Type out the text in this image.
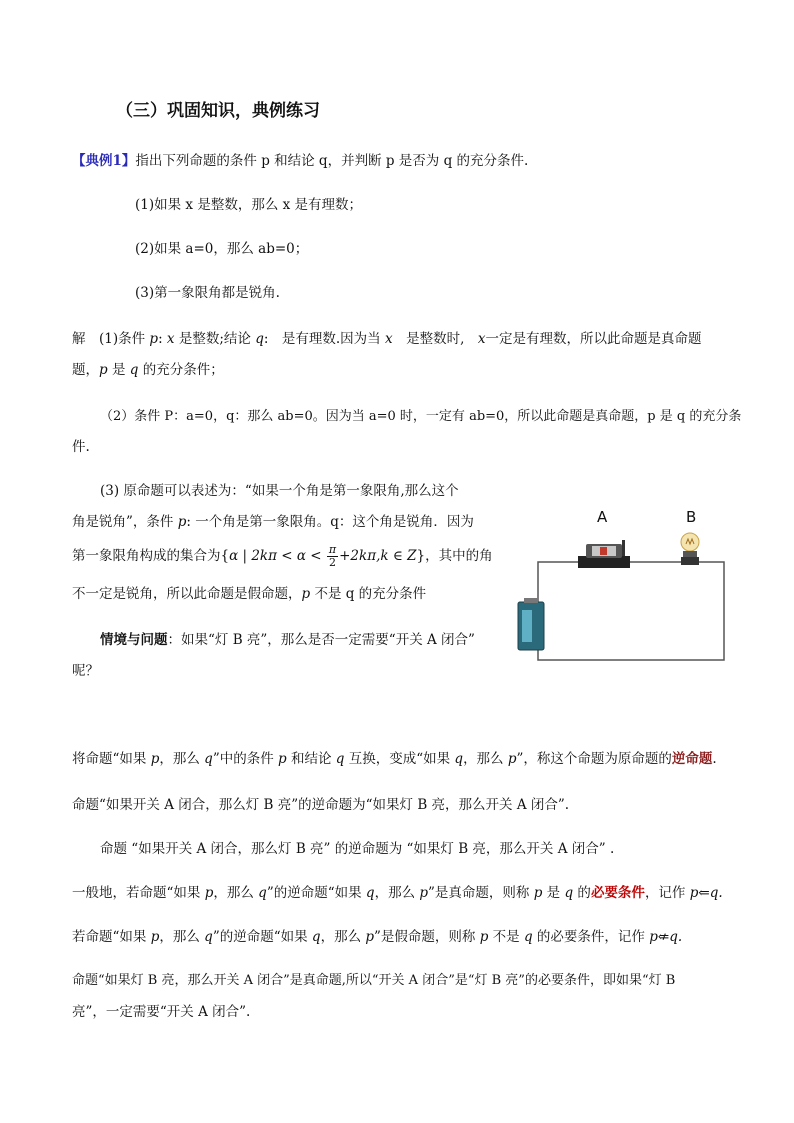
（三）巩固知识，典例练习
【典例1】指出下列命题的条件 p 和结论 q，并判断 p 是否为 q 的充分条件.
(1)如果 x 是整数，那么 x 是有理数；
(2)如果 a=0，那么 ab=0；
(3)第一象限角都是锐角.
解　(1)条件 p: x 是整数;结论 q:　是有理数.因为当 x　是整数时,　x一定是有理数，所以此命题是真命题
题，p 是 q 的充分条件；
（2）条件 P：a=0，q：那么 ab=0。因为当 a=0 时，一定有 ab=0，所以此命题是真命题，p 是 q 的充分条
件.
(3) 原命题可以表述为：“如果一个角是第一象限角,那么这个
角是锐角”，条件 p: 一个角是第一象限角。q：这个角是锐角．因为
第一象限角构成的集合为{α | $2k\pi < \alpha < \frac{\pi}{2} +2k\pi,k$ ∈ Z}，其中的角
不一定是锐角，所以此命题是假命题，p 不是 q 的充分条件
情境与问题：如果“灯 B 亮”，那么是否一定需要“开关 A 闭合”
呢？
A	B
将命题“如果 p，那么 q”中的条件 p 和结论 q 互换，变成“如果 q，那么 p”，称这个命题为原命题的逆命题.
命题“如果开关 A 闭合，那么灯 B 亮”的逆命题为“如果灯 B 亮，那么开关 A 闭合”.
命题 “如果开关 A 闭合，那么灯 B 亮” 的逆命题为 “如果灯 B 亮，那么开关 A 闭合” .
一般地，若命题“如果 p，那么 q”的逆命题“如果 q，那么 p”是真命题，则称 p 是 q 的必要条件，记作 p⇐q.
若命题“如果 p，那么 q”的逆命题“如果 q，那么 p”是假命题，则称 p 不是 q 的必要条件，记作 p⇍q.
命题“如果灯 B 亮，那么开关 A 闭合”是真命题,所以“开关 A 闭合”是“灯 B 亮”的必要条件，即如果“灯 B
亮”，一定需要“开关 A 闭合”.
